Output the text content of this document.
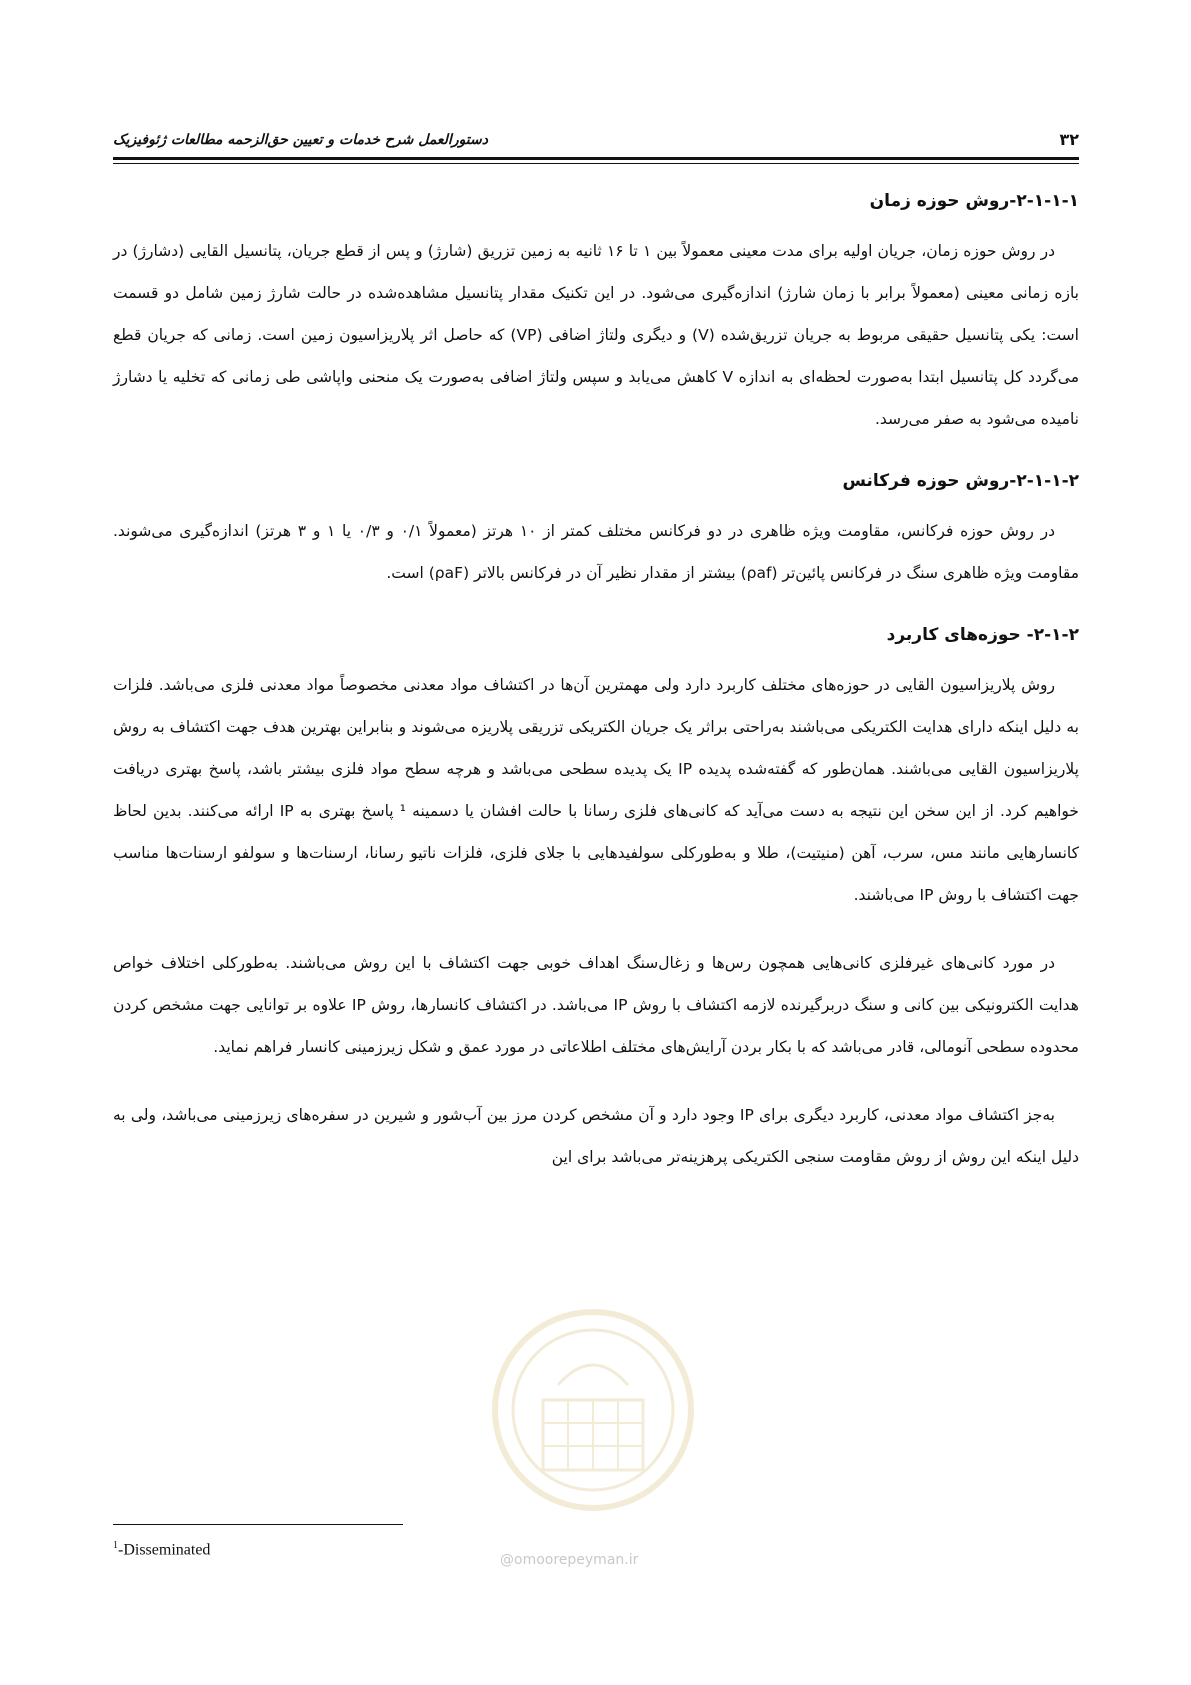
۳۲
دستورالعمل شرح خدمات و تعیین حق‌الزحمه مطالعات ژئوفیزیک
۲-۱-۱-۱-روش حوزه زمان

در روش حوزه زمان، جریان اولیه برای مدت معینی معمولاً بین ۱ تا ۱۶ ثانیه به زمین تزریق (شارژ) و پس از قطع جریان، پتانسیل القایی (دشارژ) در بازه زمانی معینی (معمولاً برابر با زمان شارژ) اندازه‌گیری می‌شود. در این تکنیک مقدار پتانسیل مشاهده‌شده در حالت شارژ زمین شامل دو قسمت است: یکی پتانسیل حقیقی مربوط به جریان تزریق‌شده (V) و دیگری ولتاژ اضافی (VP) که حاصل اثر پلاریزاسیون زمین است. زمانی که جریان قطع می‌گردد کل پتانسیل ابتدا به‌صورت لحظه‌ای به اندازه V کاهش می‌یابد و سپس ولتاژ اضافی به‌صورت یک منحنی واپاشی طی زمانی که تخلیه یا دشارژ نامیده می‌شود به صفر می‌رسد.

۲-۱-۱-۲-روش حوزه فرکانس

در روش حوزه فرکانس، مقاومت ویژه ظاهری در دو فرکانس مختلف کمتر از ۱۰ هرتز (معمولاً ۰/۱ و ۰/۳ یا ۱ و ۳ هرتز) اندازه‌گیری می‌شوند. مقاومت ویژه ظاهری سنگ در فرکانس پائین‌تر (ρaf) بیشتر از مقدار نظیر آن در فرکانس بالاتر (ρaF) است.

۲-۱-۲- حوزه‌های کاربرد

روش پلاریزاسیون القایی در حوزه‌های مختلف کاربرد دارد ولی مهمترین آن‌ها در اکتشاف مواد معدنی مخصوصاً مواد معدنی فلزی می‌باشد. فلزات به دلیل اینکه دارای هدایت الکتریکی می‌باشند به‌راحتی براثر یک جریان الکتریکی تزریقی پلاریزه می‌شوند و بنابراین بهترین هدف جهت اکتشاف به روش پلاریزاسیون القایی می‌باشند. همان‌طور که گفته‌شده پدیده IP یک پدیده سطحی می‌باشد و هرچه سطح مواد فلزی بیشتر باشد، پاسخ بهتری دریافت خواهیم کرد. از این سخن این نتیجه به دست می‌آید که کانی‌های فلزی رسانا با حالت افشان یا دسمینه ¹ پاسخ بهتری به IP ارائه می‌کنند. بدین لحاظ کانسارهایی مانند مس، سرب، آهن (منیتیت)، طلا و به‌طورکلی سولفیدهایی با جلای فلزی، فلزات ناتیو رسانا، ارسنات‌ها و سولفو ارسنات‌ها مناسب جهت اکتشاف با روش IP می‌باشند.

در مورد کانی‌های غیرفلزی کانی‌هایی همچون رس‌ها و زغال‌سنگ اهداف خوبی جهت اکتشاف با این روش می‌باشند. به‌طورکلی اختلاف خواص هدایت الکترونیکی بین کانی و سنگ دربرگیرنده لازمه اکتشاف با روش IP می‌باشد. در اکتشاف کانسارها، روش IP علاوه بر توانایی جهت مشخص کردن محدوده سطحی آنومالی، قادر می‌باشد که با بکار بردن آرایش‌های مختلف اطلاعاتی در مورد عمق و شکل زیرزمینی کانسار فراهم نماید.

به‌جز اکتشاف مواد معدنی، کاربرد دیگری برای IP وجود دارد و آن مشخص کردن مرز بین آب‌شور و شیرین در سفره‌های زیرزمینی می‌باشد، ولی به دلیل اینکه این روش از روش مقاومت سنجی الکتریکی پرهزینه‌تر می‌باشد برای این

$^1$-Disseminated
@omoorepeyman.ir
